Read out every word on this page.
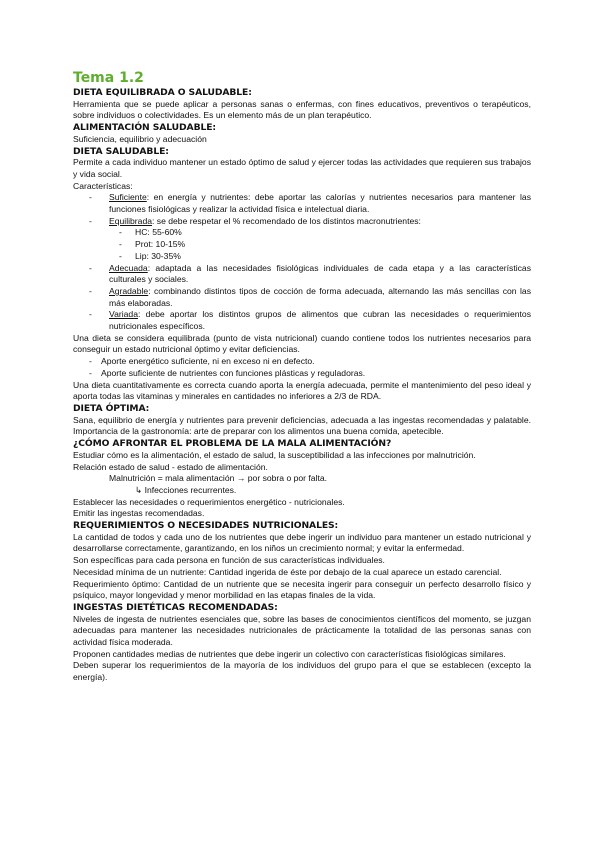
Tema 1.2
DIETA EQUILIBRADA O SALUDABLE:

Herramienta que se puede aplicar a personas sanas o enfermas, con fines educativos, preventivos o terapéuticos, sobre individuos o colectividades. Es un elemento más de un plan terapéutico.

ALIMENTACIÓN SALUDABLE:

Suficiencia, equilibrio y adecuación

DIETA SALUDABLE:

Permite a cada individuo mantener un estado óptimo de salud y ejercer todas las actividades que requieren sus trabajos y vida social.

Características:

- Suficiente: en energía y nutrientes: debe aportar las calorías y nutrientes necesarios para mantener las funciones fisiológicas y realizar la actividad física e intelectual diaria.
- Equilibrada: se debe respetar el % recomendado de los distintos macronutrientes:
- HC: 55-60%
- Prot: 10-15%
- Lip: 30-35%
- Adecuada: adaptada a las necesidades fisiológicas individuales de cada etapa y a las características culturales y sociales.
- Agradable: combinando distintos tipos de cocción de forma adecuada, alternando las más sencillas con las más elaboradas.
- Variada: debe aportar los distintos grupos de alimentos que cubran las necesidades o requerimientos nutricionales específicos.

Una dieta se considera equilibrada (punto de vista nutricional) cuando contiene todos los nutrientes necesarios para conseguir un estado nutricional óptimo y evitar deficiencias.

- Aporte energético suficiente, ni en exceso ni en defecto.
- Aporte suficiente de nutrientes con funciones plásticas y reguladoras.

Una dieta cuantitativamente es correcta cuando aporta la energía adecuada, permite el mantenimiento del peso ideal y aporta todas las vitaminas y minerales en cantidades no inferiores a 2/3 de RDA.

DIETA ÓPTIMA:

Sana, equilibrio de energía y nutrientes para prevenir deficiencias, adecuada a las ingestas recomendadas y palatable. Importancia de la gastronomía: arte de preparar con los alimentos una buena comida, apetecible.

¿CÓMO AFRONTAR EL PROBLEMA DE LA MALA ALIMENTACIÓN?

Estudiar cómo es la alimentación, el estado de salud, la susceptibilidad a las infecciones por malnutrición.

Relación estado de salud - estado de alimentación.

Malnutrición = mala alimentación → por sobra o por falta.

↳ Infecciones recurrentes.

Establecer las necesidades o requerimientos energético - nutricionales.

Emitir las ingestas recomendadas.

REQUERIMIENTOS O NECESIDADES NUTRICIONALES:

La cantidad de todos y cada uno de los nutrientes que debe ingerir un individuo para mantener un estado nutricional y desarrollarse correctamente, garantizando, en los niños un crecimiento normal; y evitar la enfermedad.

Son específicas para cada persona en función de sus características individuales.

Necesidad mínima de un nutriente: Cantidad ingerida de éste por debajo de la cual aparece un estado carencial.

Requerimiento óptimo: Cantidad de un nutriente que se necesita ingerir para conseguir un perfecto desarrollo físico y psíquico, mayor longevidad y menor morbilidad en las etapas finales de la vida.

INGESTAS DIETÉTICAS RECOMENDADAS:

Niveles de ingesta de nutrientes esenciales que, sobre las bases de conocimientos científicos del momento, se juzgan adecuadas para mantener las necesidades nutricionales de prácticamente la totalidad de las personas sanas con actividad física moderada.

Proponen cantidades medias de nutrientes que debe ingerir un colectivo con características fisiológicas similares.

Deben superar los requerimientos de la mayoría de los individuos del grupo para el que se establecen (excepto la energía).
